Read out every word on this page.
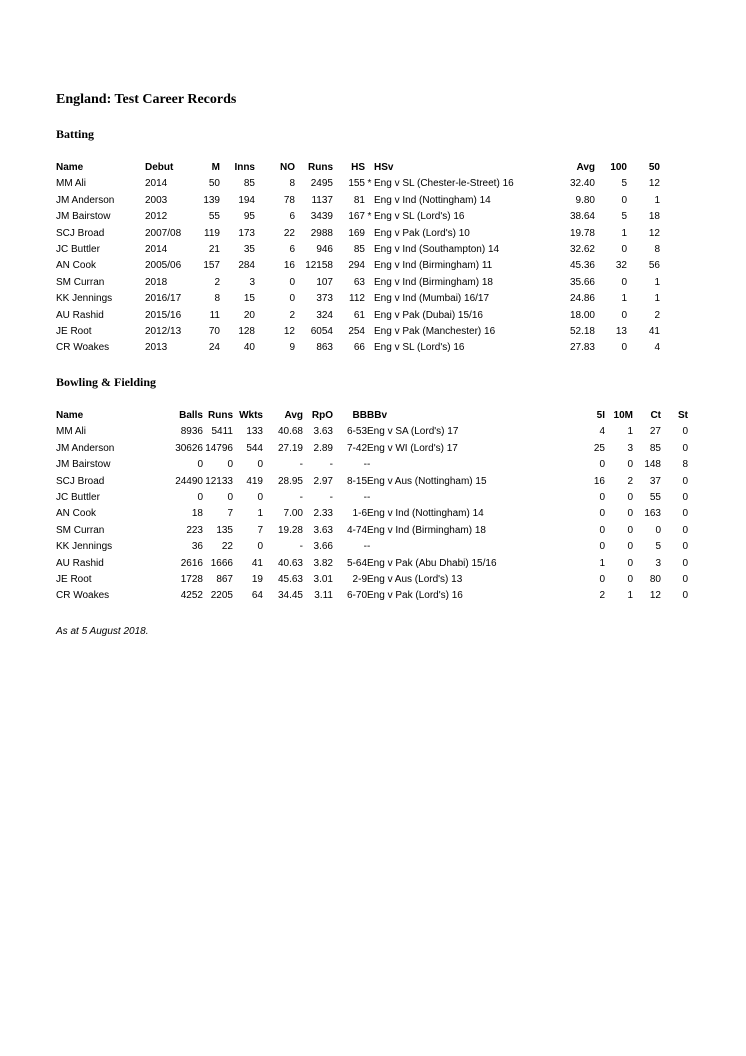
England: Test Career Records
Batting
Name	Debut	M	Inns	NO	Runs	HS		HSv	Avg	100	50
MM Ali	2014	50	85	8	2495	155	*	Eng v SL (Chester-le-Street) 16	32.40	5	12
JM Anderson	2003	139	194	78	1137	81		Eng v Ind (Nottingham) 14	9.80	0	1
JM Bairstow	2012	55	95	6	3439	167	*	Eng v SL (Lord's) 16	38.64	5	18
SCJ Broad	2007/08	119	173	22	2988	169		Eng v Pak (Lord's) 10	19.78	1	12
JC Buttler	2014	21	35	6	946	85		Eng v Ind (Southampton) 14	32.62	0	8
AN Cook	2005/06	157	284	16	12158	294		Eng v Ind (Birmingham) 11	45.36	32	56
SM Curran	2018	2	3	0	107	63		Eng v Ind (Birmingham) 18	35.66	0	1
KK Jennings	2016/17	8	15	0	373	112		Eng v Ind (Mumbai) 16/17	24.86	1	1
AU Rashid	2015/16	11	20	2	324	61		Eng v Pak (Dubai) 15/16	18.00	0	2
JE Root	2012/13	70	128	12	6054	254		Eng v Pak (Manchester) 16	52.18	13	41
CR Woakes	2013	24	40	9	863	66		Eng v SL (Lord's) 16	27.83	0	4
Bowling & Fielding
Name	Balls	Runs	Wkts	Avg	RpO	BB	BBv	5I	10M	Ct	St
MM Ali	8936	5411	133	40.68	3.63	6-53	Eng v SA (Lord's) 17	4	1	27	0
JM Anderson	30626	14796	544	27.19	2.89	7-42	Eng v WI (Lord's) 17	25	3	85	0
JM Bairstow	0	0	0	-	-	-	-	0	0	148	8
SCJ Broad	24490	12133	419	28.95	2.97	8-15	Eng v Aus (Nottingham) 15	16	2	37	0
JC Buttler	0	0	0	-	-	-	-	0	0	55	0
AN Cook	18	7	1	7.00	2.33	1-6	Eng v Ind (Nottingham) 14	0	0	163	0
SM Curran	223	135	7	19.28	3.63	4-74	Eng v Ind (Birmingham) 18	0	0	0	0
KK Jennings	36	22	0	-	3.66	-	-	0	0	5	0
AU Rashid	2616	1666	41	40.63	3.82	5-64	Eng v Pak (Abu Dhabi) 15/16	1	0	3	0
JE Root	1728	867	19	45.63	3.01	2-9	Eng v Aus (Lord's) 13	0	0	80	0
CR Woakes	4252	2205	64	34.45	3.11	6-70	Eng v Pak (Lord's) 16	2	1	12	0
As at 5 August 2018.
